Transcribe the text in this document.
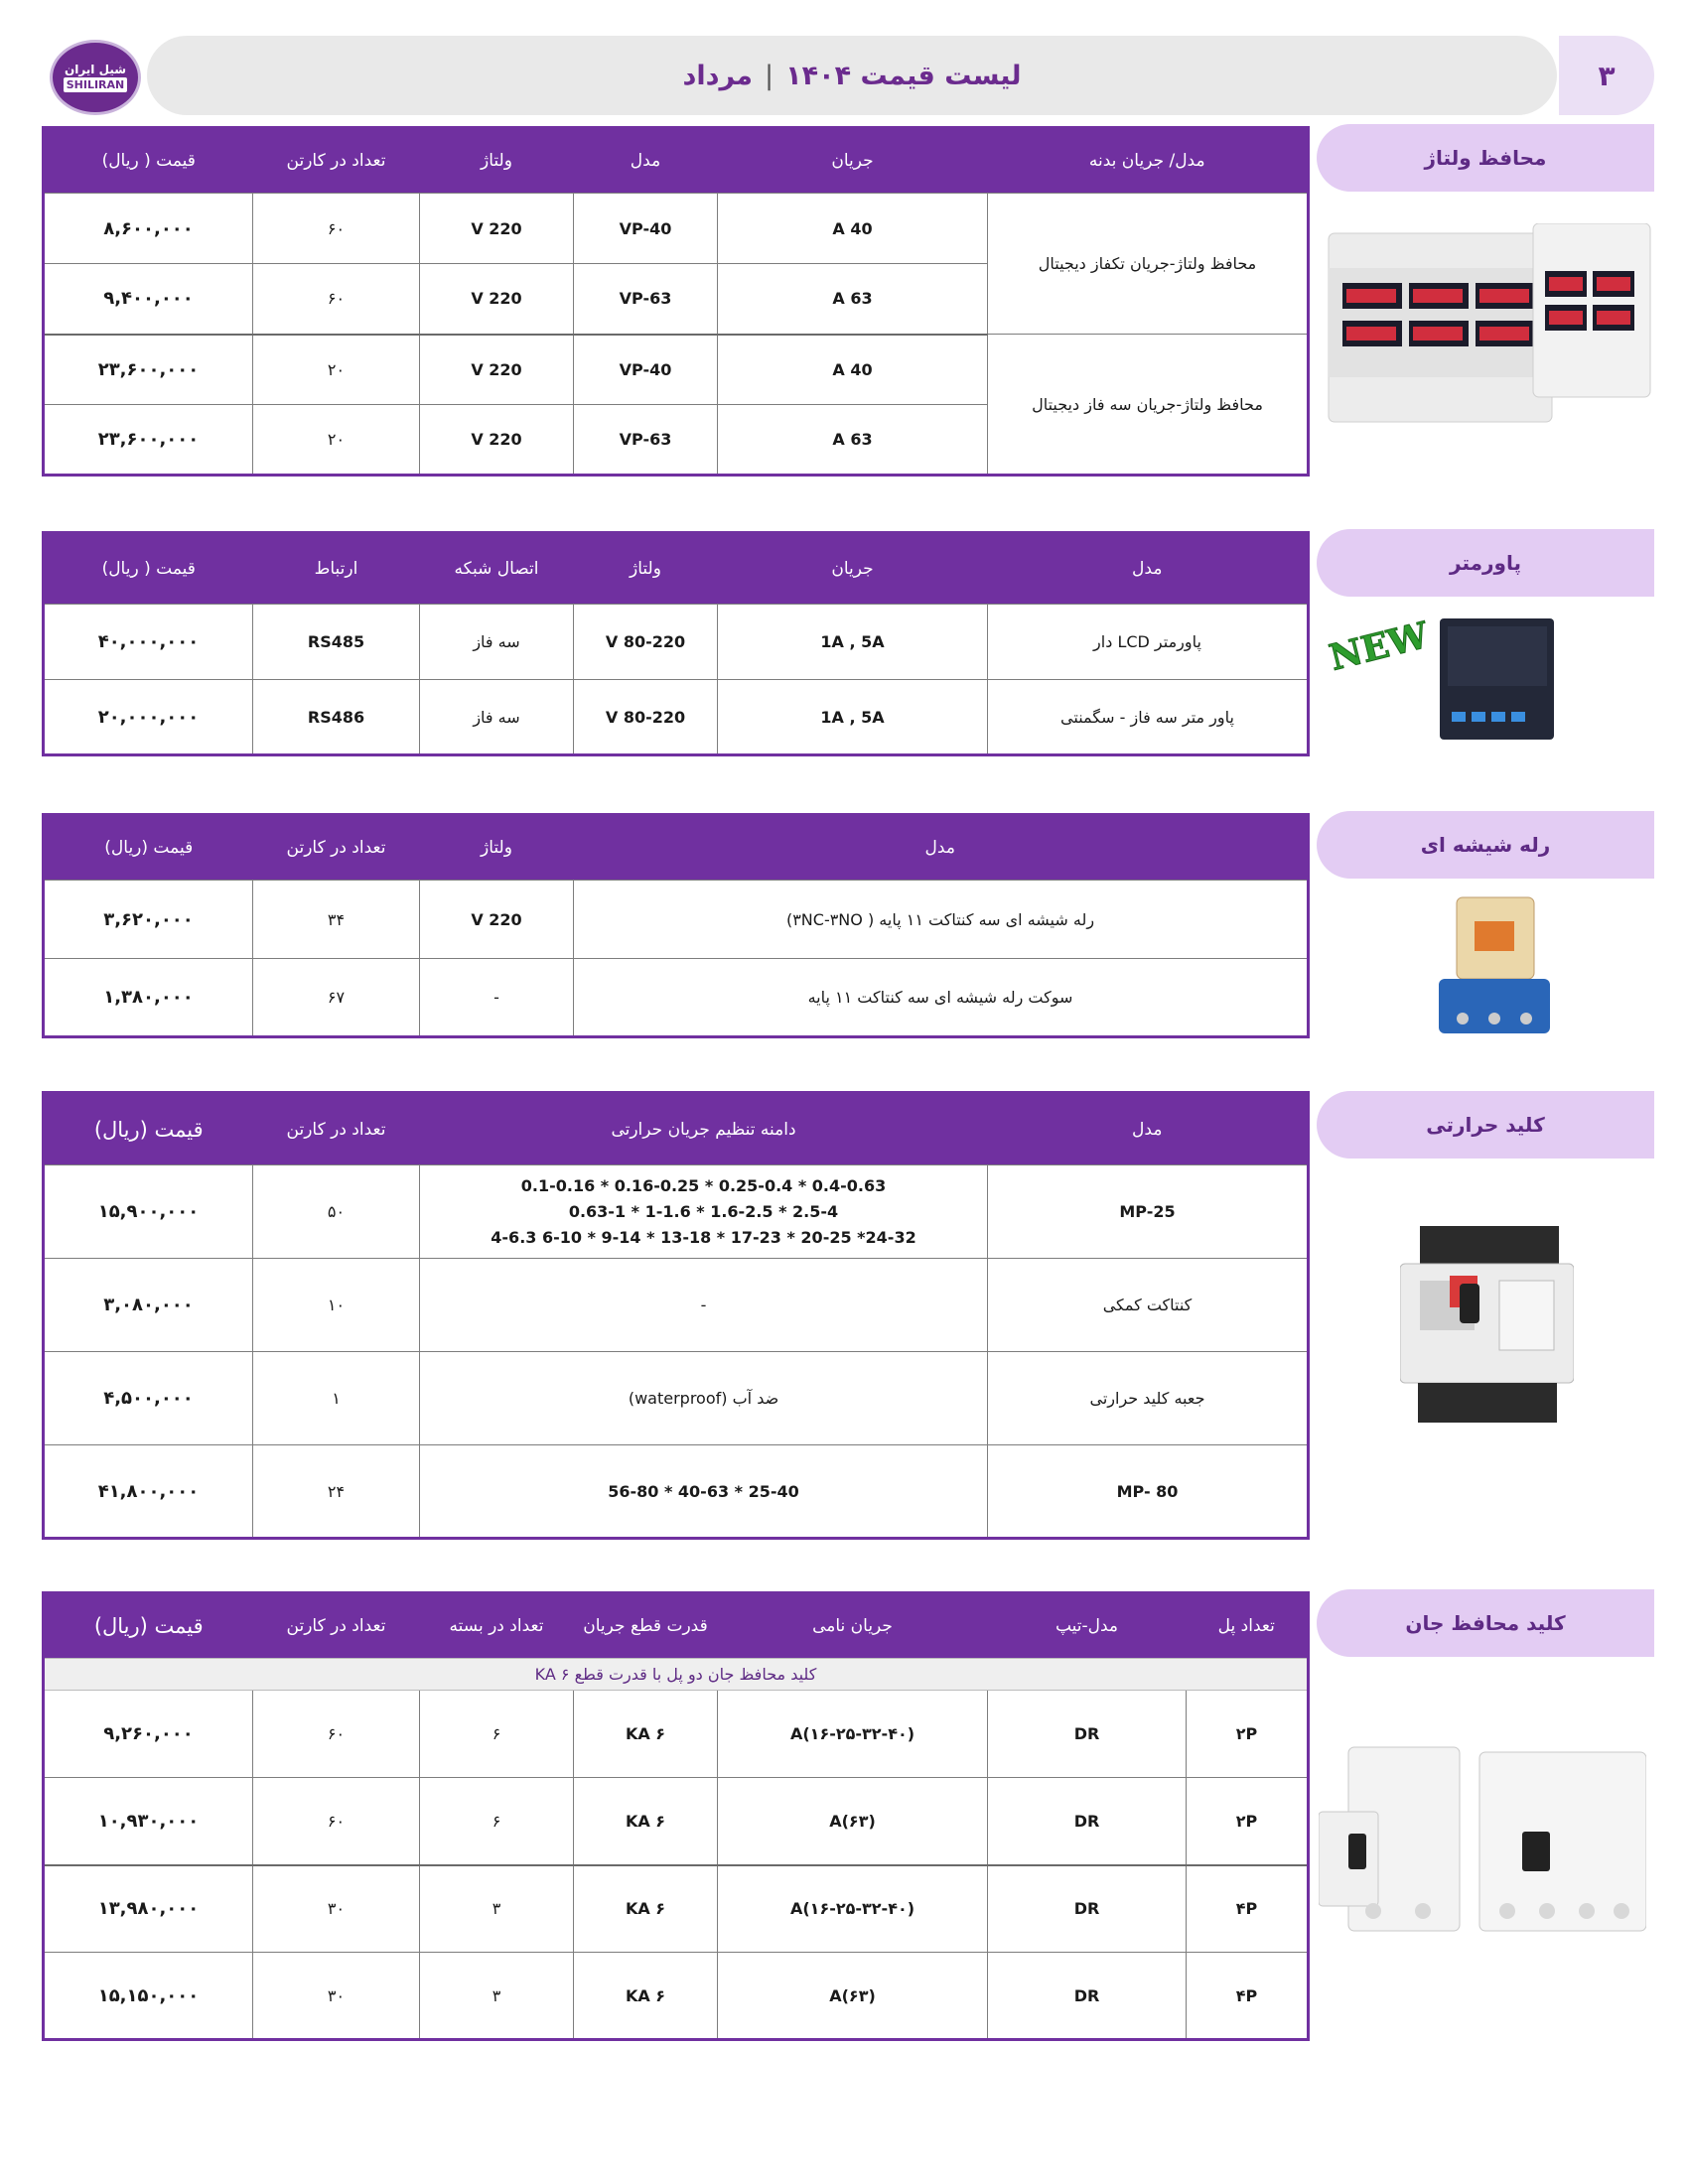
شیل ایران
SHILIRAN	لیست قیمت ۱۴۰۴
|
مرداد	۳
محافظ ولتاژ
مدل/ جریان بدنه	جریان	مدل	ولتاژ	تعداد در کارتن	قیمت ( ریال)
محافظ ولتاژ-جریان تکفاز دیجیتال	40 A	VP-40	220 V	۶۰	۸,۶۰۰,۰۰۰
	63 A	VP-63	220 V	۶۰	۹,۴۰۰,۰۰۰
محافظ ولتاژ-جریان سه فاز دیجیتال	40 A	VP-40	220 V	۲۰	۲۳,۶۰۰,۰۰۰
	63 A	VP-63	220 V	۲۰	۲۳,۶۰۰,۰۰۰
پاورمتر
مدل	جریان	ولتاژ	اتصال شبکه	ارتباط	قیمت ( ریال)
پاورمتر LCD دار	1A , 5A	80-220 V	سه فاز	RS485	۴۰,۰۰۰,۰۰۰
پاور متر سه فاز - سگمنتی	1A , 5A	80-220 V	سه فاز	RS486	۲۰,۰۰۰,۰۰۰
NEW
رله شیشه ای
مدل	ولتاژ	تعداد در کارتن	قیمت (ریال)
رله شیشه ای سه کنتاکت ۱۱ پایه ( ۳NC-۳NO)	220 V	۳۴	۳,۶۲۰,۰۰۰
سوکت رله شیشه ای سه کنتاکت ۱۱ پایه	-	۶۷	۱,۳۸۰,۰۰۰
کلید حرارتی
مدل	دامنه تنظیم جریان حرارتی	تعداد در کارتن	قیمت (ریال)
MP-25	0.1-0.16 * 0.16-0.25 * 0.25-0.4 * 0.4-0.63
0.63-1 * 1-1.6 * 1.6-2.5 * 2.5-4
4-6.3 6-10 * 9-14 * 13-18 * 17-23 * 20-25 *24-32	۵۰	۱۵,۹۰۰,۰۰۰
کنتاکت کمکی	-	۱۰	۳,۰۸۰,۰۰۰
جعبه کلید حرارتی	ضد آب (waterproof)	۱	۴,۵۰۰,۰۰۰
MP- 80	25-40 * 40-63 * 56-80	۲۴	۴۱,۸۰۰,۰۰۰
کلید محافظ جان
تعداد پل	مدل-تیپ	جریان نامی	قدرت قطع جریان	تعداد در بسته	تعداد در کارتن	قیمت (ریال)
کلید محافظ جان دو پل با قدرت قطع ۶ KA						
۲P	DR	(۱۶-۲۵-۳۲-۴۰)A	۶ KA	۶	۶۰	۹,۲۶۰,۰۰۰
۲P	DR	(۶۳)A	۶ KA	۶	۶۰	۱۰,۹۳۰,۰۰۰
۴P	DR	(۱۶-۲۵-۳۲-۴۰)A	۶ KA	۳	۳۰	۱۳,۹۸۰,۰۰۰
۴P	DR	(۶۳)A	۶ KA	۳	۳۰	۱۵,۱۵۰,۰۰۰
